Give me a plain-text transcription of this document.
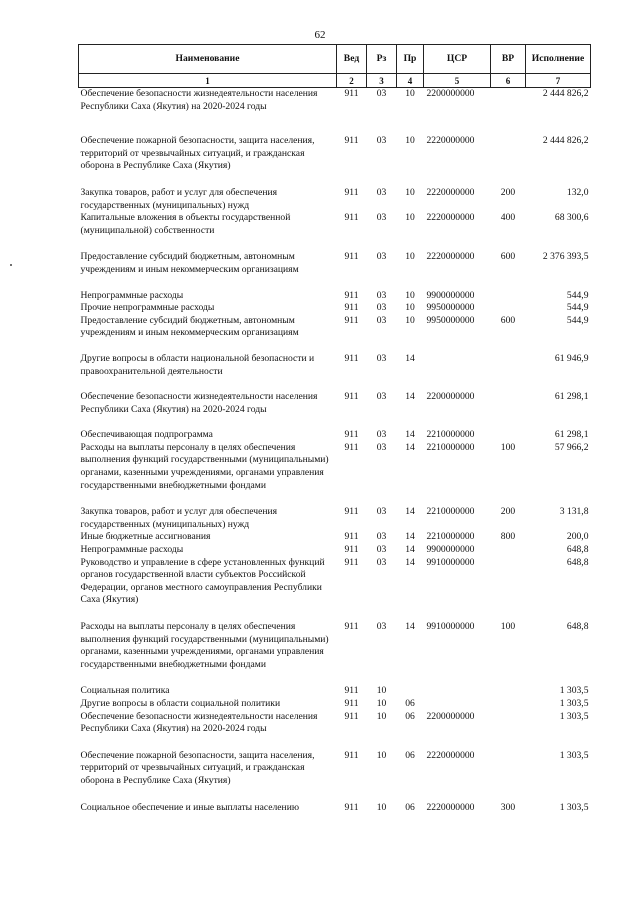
62
Наименование	Вед	Рз	Пр	ЦСР	ВР	Исполнение
1	2	3	4	5	6	7
Обеспечение безопасности жизнедеятельности населения Республики Саха (Якутия) на 2020-2024 годы	911	03	10	2200000000		2 444 826,2

Обеспечение пожарной безопасности, защита населения, территорий от чрезвычайных ситуаций, и гражданская оборона в Республике Саха (Якутия)	911	03	10	2220000000		2 444 826,2

Закупка товаров, работ и услуг для обеспечения государственных (муниципальных) нужд	911	03	10	2220000000	200	132,0
Капитальные вложения в объекты государственной (муниципальной) собственности	911	03	10	2220000000	400	68 300,6

Предоставление субсидий бюджетным, автономным учреждениям и иным некоммерческим организациям	911	03	10	2220000000	600	2 376 393,5

Непрограммные расходы	911	03	10	9900000000		544,9
Прочие непрограммные расходы	911	03	10	9950000000		544,9
Предоставление субсидий бюджетным, автономным учреждениям и иным некоммерческим организациям	911	03	10	9950000000	600	544,9

Другие вопросы в области национальной безопасности и правоохранительной деятельности	911	03	14			61 946,9

Обеспечение безопасности жизнедеятельности населения Республики Саха (Якутия) на 2020-2024 годы	911	03	14	2200000000		61 298,1

Обеспечивающая подпрограмма	911	03	14	2210000000		61 298,1
Расходы на выплаты персоналу в целях обеспечения выполнения функций государственными (муниципальными) органами, казенными учреждениями, органами управления государственными внебюджетными фондами	911	03	14	2210000000	100	57 966,2

Закупка товаров, работ и услуг для обеспечения государственных (муниципальных) нужд	911	03	14	2210000000	200	3 131,8
Иные бюджетные ассигнования	911	03	14	2210000000	800	200,0
Непрограммные расходы	911	03	14	9900000000		648,8
Руководство и управление в сфере установленных функций органов государственной власти субъектов Российской Федерации, органов местного самоуправления Республики Саха (Якутия)	911	03	14	9910000000		648,8

Расходы на выплаты персоналу в целях обеспечения выполнения функций государственными (муниципальными) органами, казенными учреждениями, органами управления государственными внебюджетными фондами	911	03	14	9910000000	100	648,8

Социальная политика	911	10				1 303,5
Другие вопросы в области социальной политики	911	10	06			1 303,5
Обеспечение безопасности жизнедеятельности населения Республики Саха (Якутия) на 2020-2024 годы	911	10	06	2200000000		1 303,5

Обеспечение пожарной безопасности, защита населения, территорий от чрезвычайных ситуаций, и гражданская оборона в Республике Саха (Якутия)	911	10	06	2220000000		1 303,5

Социальное обеспечение и иные выплаты населению	911	10	06	2220000000	300	1 303,5
